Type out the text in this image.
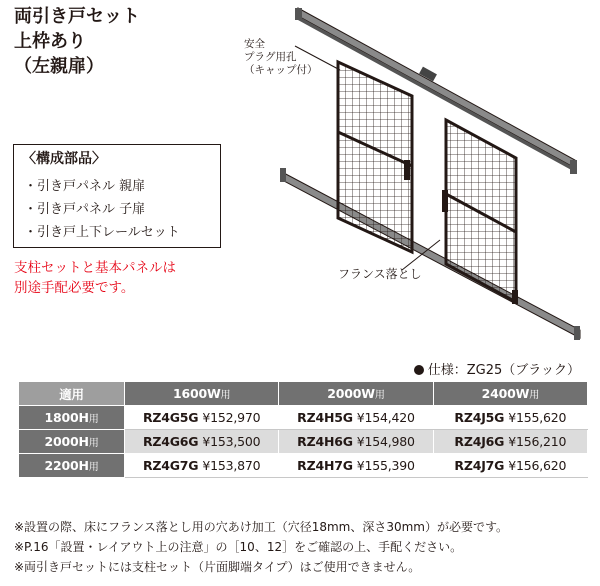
両引き戸セット
上枠あり
（左親扉）
〈構成部品〉
・引き戸パネル 親扉
・引き戸パネル 子扉
・引き戸上下レールセット
支柱セットと基本パネルは
別途手配必要です。
安全
プラグ用孔
（キャップ付）
フランス落とし
仕様：ZG25（ブラック）
適用	1600W用	2000W用	2400W用
1800H用	RZ4G5G ¥152,970	RZ4H5G ¥154,420	RZ4J5G ¥155,620
2000H用	RZ4G6G ¥153,500	RZ4H6G ¥154,980	RZ4J6G ¥156,210
2200H用	RZ4G7G ¥153,870	RZ4H7G ¥155,390	RZ4J7G ¥156,620
※設置の際、床にフランス落とし用の穴あけ加工（穴径18mm、深さ30mm）が必要です。
※P.16「設置・レイアウト上の注意」の［10、12］をご確認の上、手配ください。
※両引き戸セットには支柱セット（片面脚端タイプ）はご使用できません。
